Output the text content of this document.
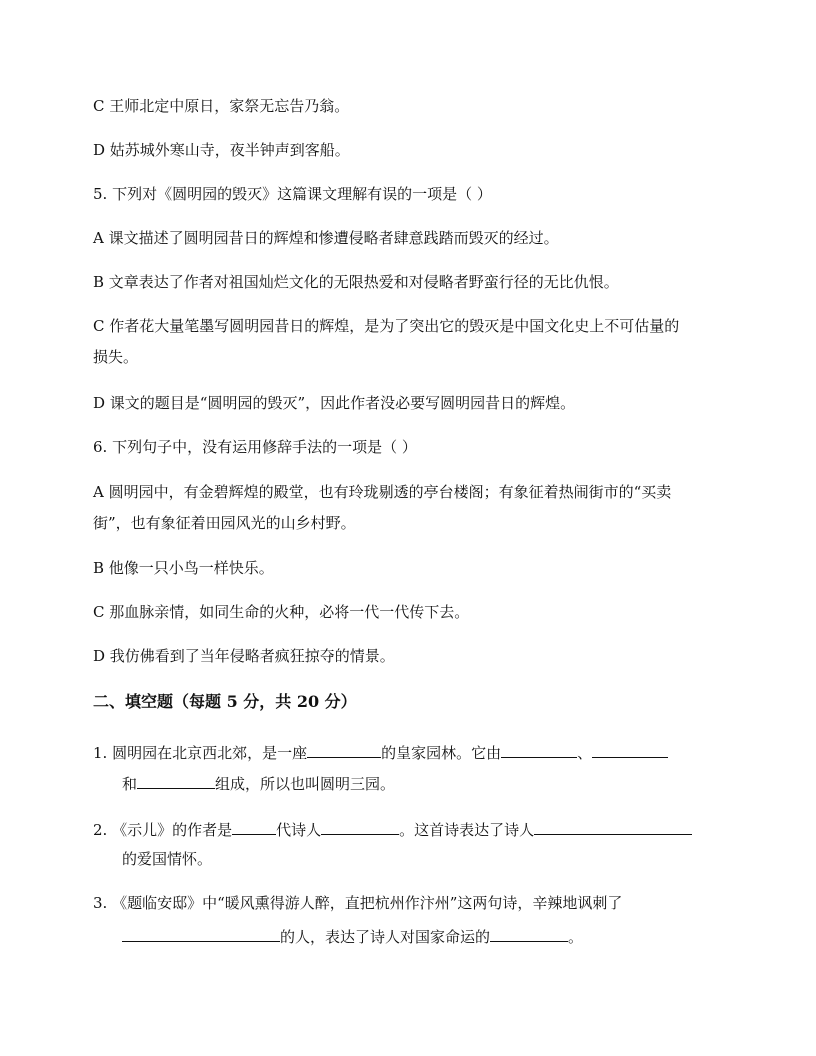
C 王师北定中原日，家祭无忘告乃翁。
D 姑苏城外寒山寺，夜半钟声到客船。
5. 下列对《圆明园的毁灭》这篇课文理解有误的一项是（ ）
A 课文描述了圆明园昔日的辉煌和惨遭侵略者肆意践踏而毁灭的经过。
B 文章表达了作者对祖国灿烂文化的无限热爱和对侵略者野蛮行径的无比仇恨。
C 作者花大量笔墨写圆明园昔日的辉煌，是为了突出它的毁灭是中国文化史上不可估量的
损失。
D 课文的题目是“圆明园的毁灭”，因此作者没必要写圆明园昔日的辉煌。
6. 下列句子中，没有运用修辞手法的一项是（ ）
A 圆明园中，有金碧辉煌的殿堂，也有玲珑剔透的亭台楼阁；有象征着热闹街市的“买卖
街”，也有象征着田园风光的山乡村野。
B 他像一只小鸟一样快乐。
C 那血脉亲情，如同生命的火种，必将一代一代传下去。
D 我仿佛看到了当年侵略者疯狂掠夺的情景。
二、填空题（每题 5 分，共 20 分）
1. 圆明园在北京西北郊，是一座	的皇家园林。它由	、
和	组成，所以也叫圆明三园。
2. 《示儿》的作者是	代诗人	。这首诗表达了诗人
的爱国情怀。
3. 《题临安邸》中“暖风熏得游人醉，直把杭州作汴州”这两句诗，辛辣地讽刺了
的人，表达了诗人对国家命运的	。
